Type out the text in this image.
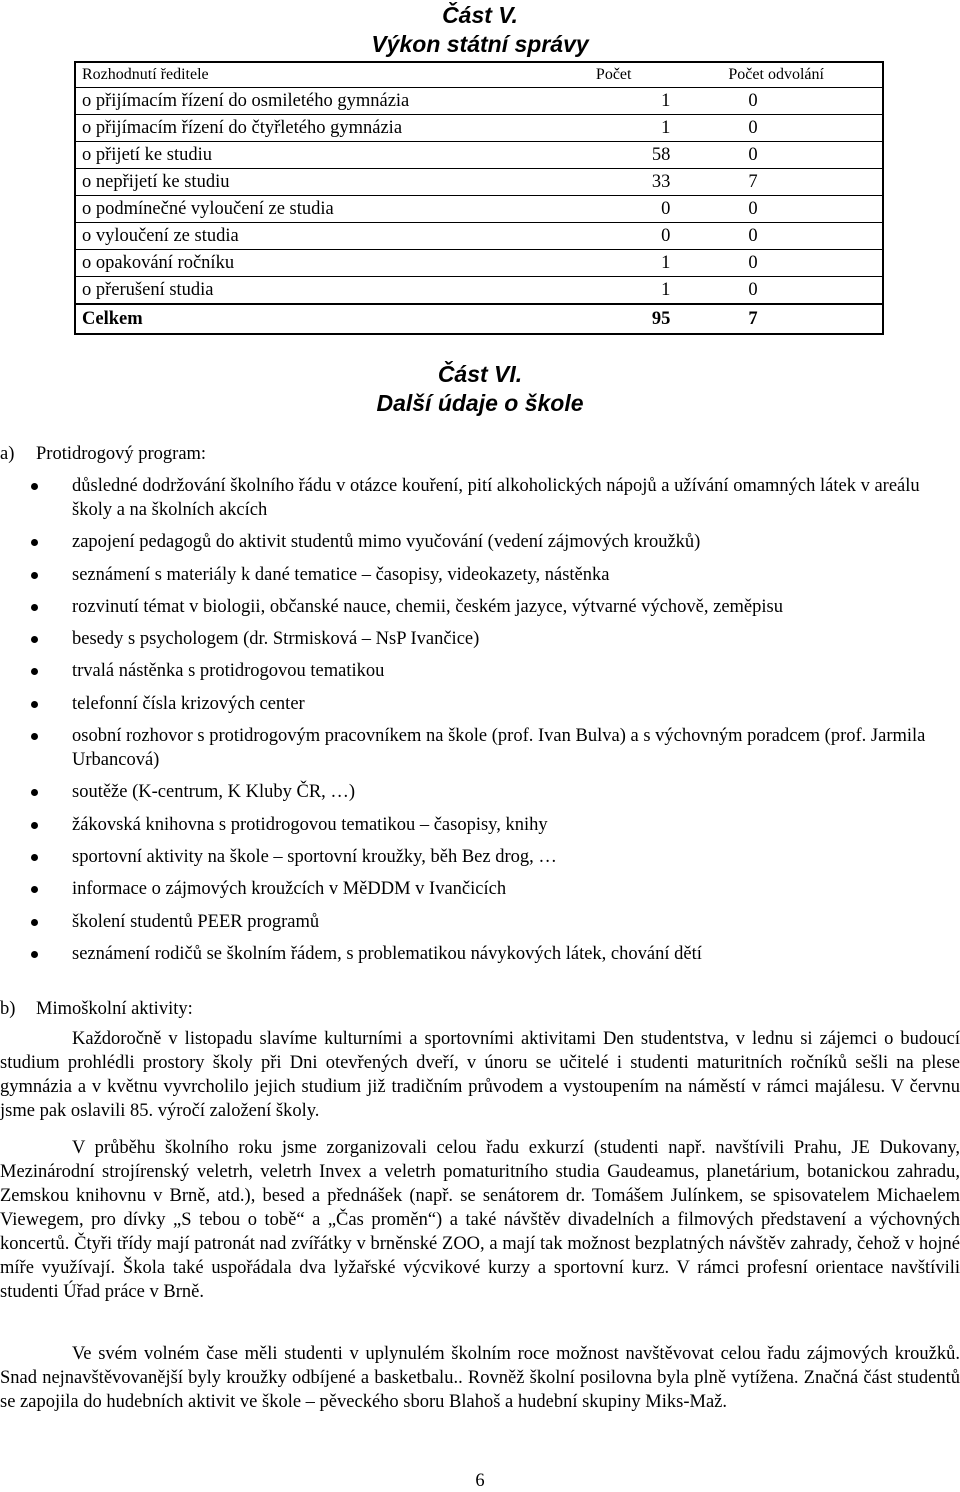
Část V.
Výkon státní správy
Rozhodnutí ředitele	Počet	Počet odvolání
o přijímacím řízení do osmiletého gymnázia	1	0
o přijímacím řízení do čtyřletého gymnázia	1	0
o přijetí ke studiu	58	0
o nepřijetí ke studiu	33	7
o podmínečné vyloučení ze studia	0	0
o vyloučení ze studia	0	0
o opakování ročníku	1	0
o přerušení studia	1	0
Celkem	95	7
Část VI.
Další údaje o škole

a) Protidrogový program:

důsledné dodržování školního řádu v otázce kouření, pití alkoholických nápojů a užívání omamných látek v areálu školy a na školních akcích
zapojení pedagogů do aktivit studentů mimo vyučování (vedení zájmových kroužků)
seznámení s materiály k dané tematice – časopisy, videokazety, nástěnka
rozvinutí témat v biologii, občanské nauce, chemii, českém jazyce, výtvarné výchově, zeměpisu
besedy s psychologem (dr. Strmisková – NsP Ivančice)
trvalá nástěnka s protidrogovou tematikou
telefonní čísla krizových center
osobní rozhovor s protidrogovým pracovníkem na škole (prof. Ivan Bulva) a s výchovným poradcem (prof. Jarmila Urbancová)
soutěže (K-centrum, K Kluby ČR, …)
žákovská knihovna s protidrogovou tematikou – časopisy, knihy
sportovní aktivity na škole – sportovní kroužky, běh Bez drog, …
informace o zájmových kroužcích v MěDDM v Ivančicích
školení studentů PEER programů
seznámení rodičů se školním řádem, s problematikou návykových látek, chování dětí

b) Mimoškolní aktivity:

Každoročně v listopadu slavíme kulturními a sportovními aktivitami Den studentstva, v lednu si zájemci o budoucí studium prohlédli prostory školy při Dni otevřených dveří, v únoru se učitelé i studenti maturitních ročníků sešli na plese gymnázia a v květnu vyvrcholilo jejich studium již tradičním průvodem a vystoupením na náměstí v rámci majálesu. V červnu jsme pak oslavili 85. výročí založení školy.

V průběhu školního roku jsme zorganizovali celou řadu exkurzí (studenti např. navštívili Prahu, JE Dukovany, Mezinárodní strojírenský veletrh, veletrh Invex a veletrh pomaturitního studia Gaudeamus, planetárium, botanickou zahradu, Zemskou knihovnu v Brně, atd.), besed a přednášek (např. se senátorem dr. Tomášem Julínkem, se spisovatelem Michaelem Viewegem, pro dívky „S tebou o tobě“ a „Čas proměn“) a také návštěv divadelních a filmových představení a výchovných koncertů. Čtyři třídy mají patronát nad zvířátky v brněnské ZOO, a mají tak možnost bezplatných návštěv zahrady, čehož v hojné míře využívají. Škola také uspořádala dva lyžařské výcvikové kurzy a sportovní kurz. V rámci profesní orientace navštívili studenti Úřad práce v Brně.

Ve svém volném čase měli studenti v uplynulém školním roce možnost navštěvovat celou řadu zájmových kroužků. Snad nejnavštěvovanější byly kroužky odbíjené a basketbalu.. Rovněž školní posilovna byla plně vytížena. Značná část studentů se zapojila do hudebních aktivit ve škole – pěveckého sboru Blahoš a hudební skupiny Miks-Maž.

6
